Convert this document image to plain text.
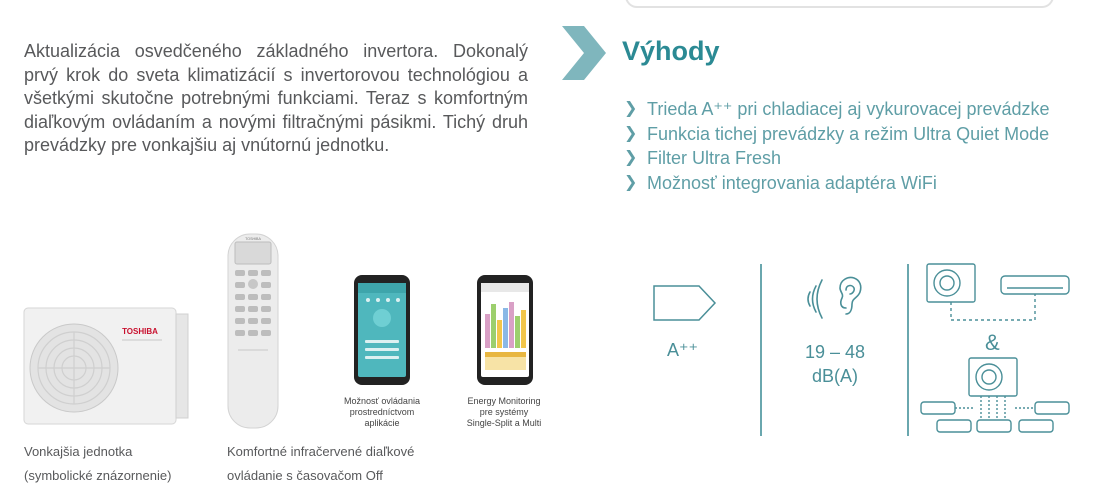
Aktualizácia osvedčeného základného invertora. Dokonalý prvý krok do sveta klimatizácií s invertorovou technológiou a všetkými skutočne potrebnými funkciami. Teraz s komfortným diaľkovým ovládaním a novými filtračnými pásikmi. Tichý druh prevádzky pre vonkajšiu aj vnútornú jednotku.

Výhody
❯ Trieda A⁺⁺ pri chladiacej aj vykurovacej prevádzke
❯ Funkcia tichej prevádzky a režim Ultra Quiet Mode
❯ Filter Ultra Fresh
❯ Možnosť integrovania adaptéra WiFi
TOSHIBA
TOSHIBA

Vonkajšia jednotka
(symbolické znázornenie)

Komfortné infračervené diaľkové
ovládanie s časovačom Off

Možnosť ovládania
prostredníctvom
aplikácie

Energy Monitoring
pre systémy
Single-Split a Multi

A⁺⁺	19 – 48
dB(A)

&
